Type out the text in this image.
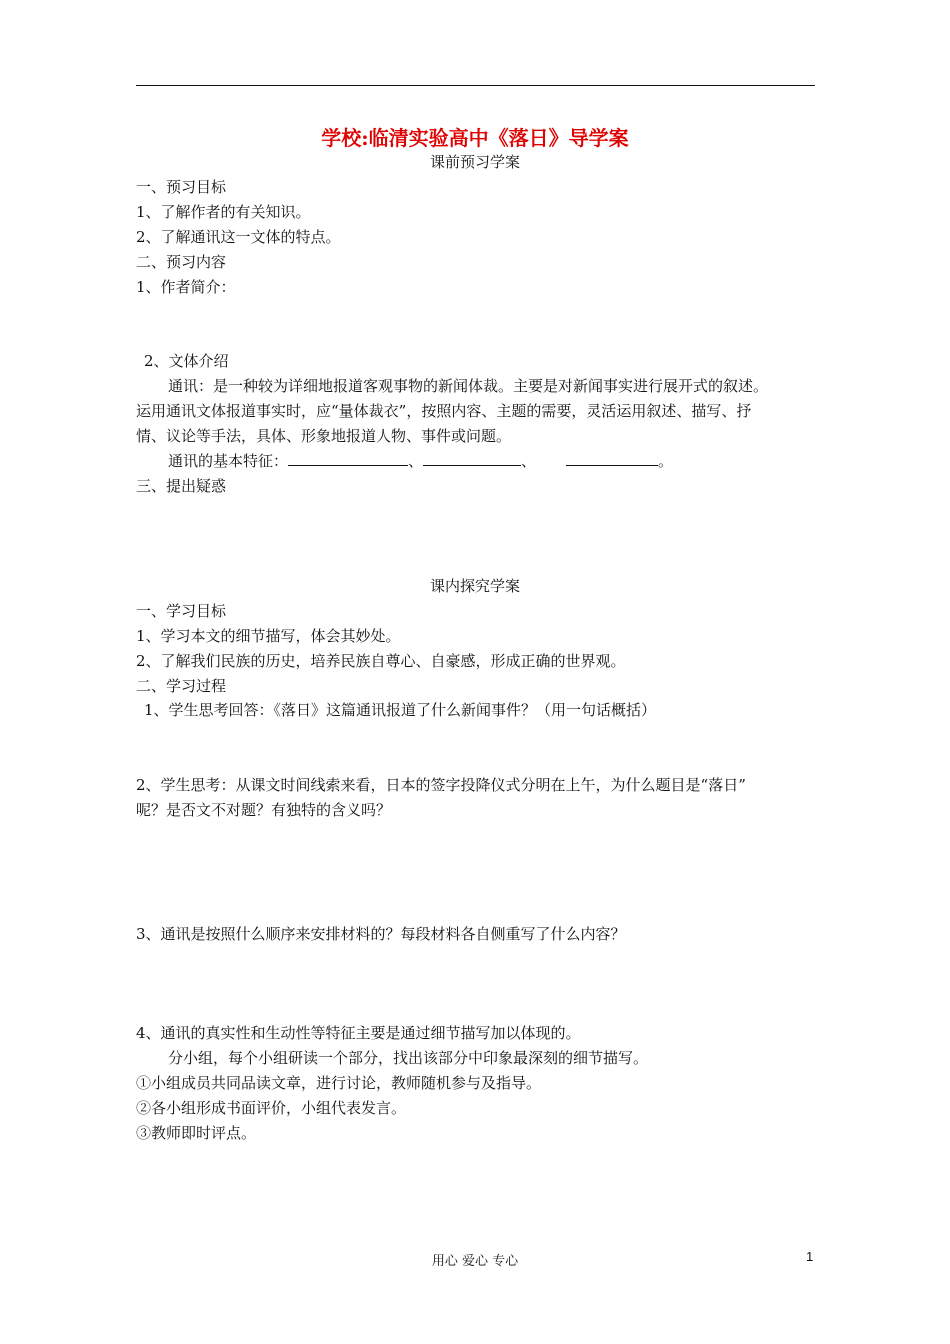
学校:临清实验高中《落日》导学案
课前预习学案
一、预习目标
1、了解作者的有关知识。
2、了解通讯这一文体的特点。
二、预习内容
1、作者简介：
2、文体介绍
通讯：是一种较为详细地报道客观事物的新闻体裁。主要是对新闻事实进行展开式的叙述。
运用通讯文体报道事实时，应“量体裁衣”，按照内容、主题的需要，灵活运用叙述、描写、抒
情、议论等手法，具体、形象地报道人物、事件或问题。
通讯的基本特征：	、	、	。
三、提出疑惑
课内探究学案
一、学习目标
1、学习本文的细节描写，体会其妙处。
2、了解我们民族的历史，培养民族自尊心、自豪感，形成正确的世界观。
二、学习过程
1、学生思考回答：《落日》这篇通讯报道了什么新闻事件？（用一句话概括）
2、学生思考：从课文时间线索来看，日本的签字投降仪式分明在上午，为什么题目是“落日”
呢？是否文不对题？有独特的含义吗？
3、通讯是按照什么顺序来安排材料的？每段材料各自侧重写了什么内容？
4、通讯的真实性和生动性等特征主要是通过细节描写加以体现的。
分小组，每个小组研读一个部分，找出该部分中印象最深刻的细节描写。
①小组成员共同品读文章，进行讨论，教师随机参与及指导。
②各小组形成书面评价，小组代表发言。
③教师即时评点。
用心 爱心 专心	1
